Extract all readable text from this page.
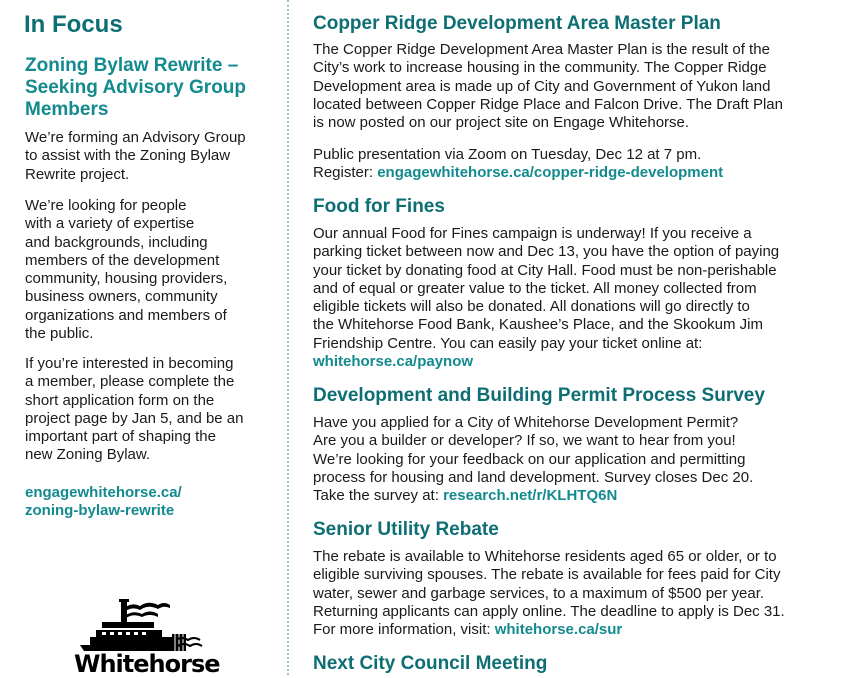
In Focus
Zoning Bylaw Rewrite –
Seeking Advisory Group
Members

We’re forming an Advisory Group
to assist with the Zoning Bylaw
Rewrite project.

We’re looking for people
with a variety of expertise
and backgrounds, including
members of the development
community, housing providers,
business owners, community
organizations and members of
the public.

If you’re interested in becoming
a member, please complete the
short application form on the
project page by Jan 5, and be an
important part of shaping the
new Zoning Bylaw.

engagewhitehorse.ca/
zoning-bylaw-rewrite
Whitehorse
Copper Ridge Development Area Master Plan

The Copper Ridge Development Area Master Plan is the result of the
City’s work to increase housing in the community. The Copper Ridge
Development area is made up of City and Government of Yukon land
located between Copper Ridge Place and Falcon Drive. The Draft Plan
is now posted on our project site on Engage Whitehorse.

Public presentation via Zoom on Tuesday, Dec 12 at 7 pm.
Register: engagewhitehorse.ca/copper-ridge-development

Food for Fines

Our annual Food for Fines campaign is underway! If you receive a
parking ticket between now and Dec 13, you have the option of paying
your ticket by donating food at City Hall. Food must be non-perishable
and of equal or greater value to the ticket. All money collected from
eligible tickets will also be donated. All donations will go directly to
the Whitehorse Food Bank, Kaushee’s Place, and the Skookum Jim
Friendship Centre. You can easily pay your ticket online at:
whitehorse.ca/paynow

Development and Building Permit Process Survey

Have you applied for a City of Whitehorse Development Permit?
Are you a builder or developer? If so, we want to hear from you!
We’re looking for your feedback on our application and permitting
process for housing and land development. Survey closes Dec 20.
Take the survey at: research.net/r/KLHTQ6N

Senior Utility Rebate

The rebate is available to Whitehorse residents aged 65 or older, or to
eligible surviving spouses. The rebate is available for fees paid for City
water, sewer and garbage services, to a maximum of $500 per year.
Returning applicants can apply online. The deadline to apply is Dec 31.
For more information, visit: whitehorse.ca/sur

Next City Council Meeting
